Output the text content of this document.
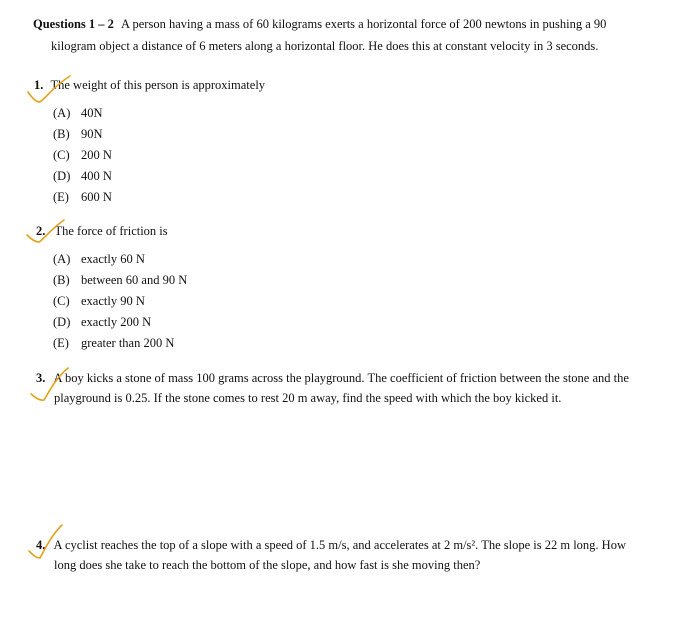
Questions 1 – 2 A person having a mass of 60 kilograms exerts a horizontal force of 200 newtons in pushing a 90
kilogram object a distance of 6 meters along a horizontal floor. He does this at constant velocity in 3 seconds.
1. The weight of this person is approximately
(A) 40N
(B) 90N
(C) 200 N
(D) 400 N
(E) 600 N
2. The force of friction is
(A) exactly 60 N
(B) between 60 and 90 N
(C) exactly 90 N
(D) exactly 200 N
(E) greater than 200 N
3. A boy kicks a stone of mass 100 grams across the playground. The coefficient of friction between the stone and the
playground is 0.25. If the stone comes to rest 20 m away, find the speed with which the boy kicked it.
4. A cyclist reaches the top of a slope with a speed of 1.5 m/s, and accelerates at 2 m/s². The slope is 22 m long. How
long does she take to reach the bottom of the slope, and how fast is she moving then?
